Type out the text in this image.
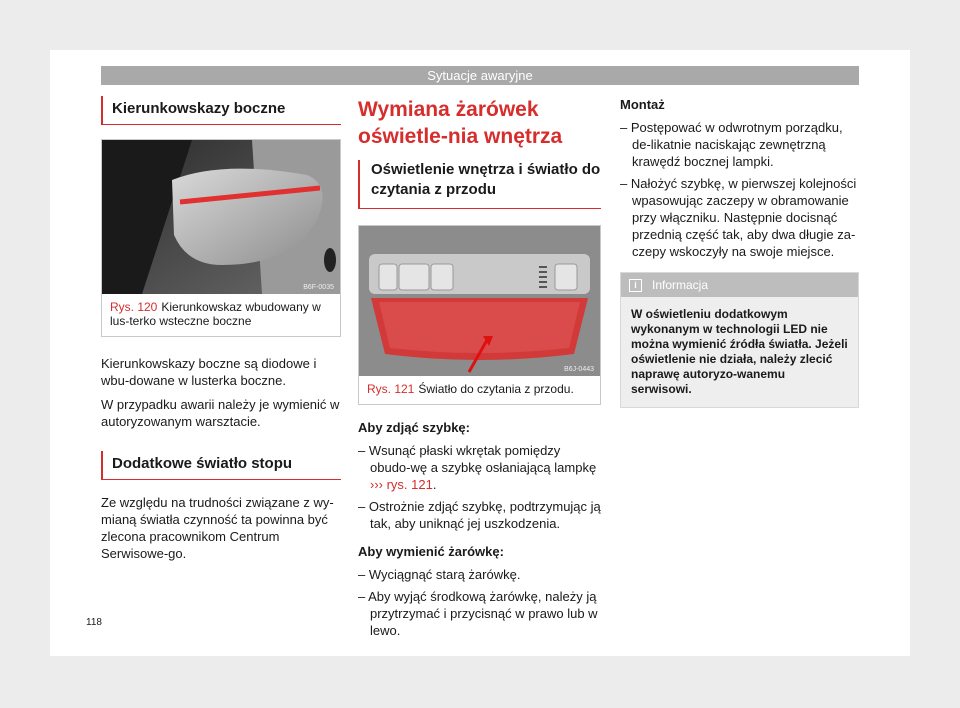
Sytuacje awaryjne
Kierunkowskazy boczne
B6F-0035
Rys. 120 Kierunkowskaz wbudowany w lus-terko wsteczne boczne

Kierunkowskazy boczne są diodowe i wbu-dowane w lusterka boczne.

W przypadku awarii należy je wymienić w autoryzowanym warsztacie.

Dodatkowe światło stopu

Ze względu na trudności związane z wy-mianą światła czynność ta powinna być zlecona pracownikom Centrum Serwisowe-go.

Wymiana żarówek oświetle-nia wnętrza
Oświetlenie wnętrza i światło do czytania z przodu
B6J-0443
Rys. 121 Światło do czytania z przodu.
Aby zdjąć szybkę:
– Wsunąć płaski wkrętak pomiędzy obudo-wę a szybkę osłaniającą lampkę
››› rys. 121.
– Ostrożnie zdjąć szybkę, podtrzymując ją tak, aby uniknąć jej uszkodzenia.
Aby wymienić żarówkę:
– Wyciągnąć starą żarówkę.
– Aby wyjąć środkową żarówkę, należy ją przytrzymać i przycisnąć w prawo lub w lewo.
Montaż
– Postępować w odwrotnym porządku, de-likatnie naciskając zewnętrzną krawędź bocznej lampki.
– Nałożyć szybkę, w pierwszej kolejności wpasowując zaczepy w obramowanie przy włączniku. Następnie docisnąć przednią część tak, aby dwa długie za-czepy wskoczyły na swoje miejsce.
i Informacja
W oświetleniu dodatkowym wykonanym w technologii LED nie można wymienić źródła światła. Jeżeli oświetlenie nie działa, należy zlecić naprawę autoryzo-wanemu serwisowi.
118
